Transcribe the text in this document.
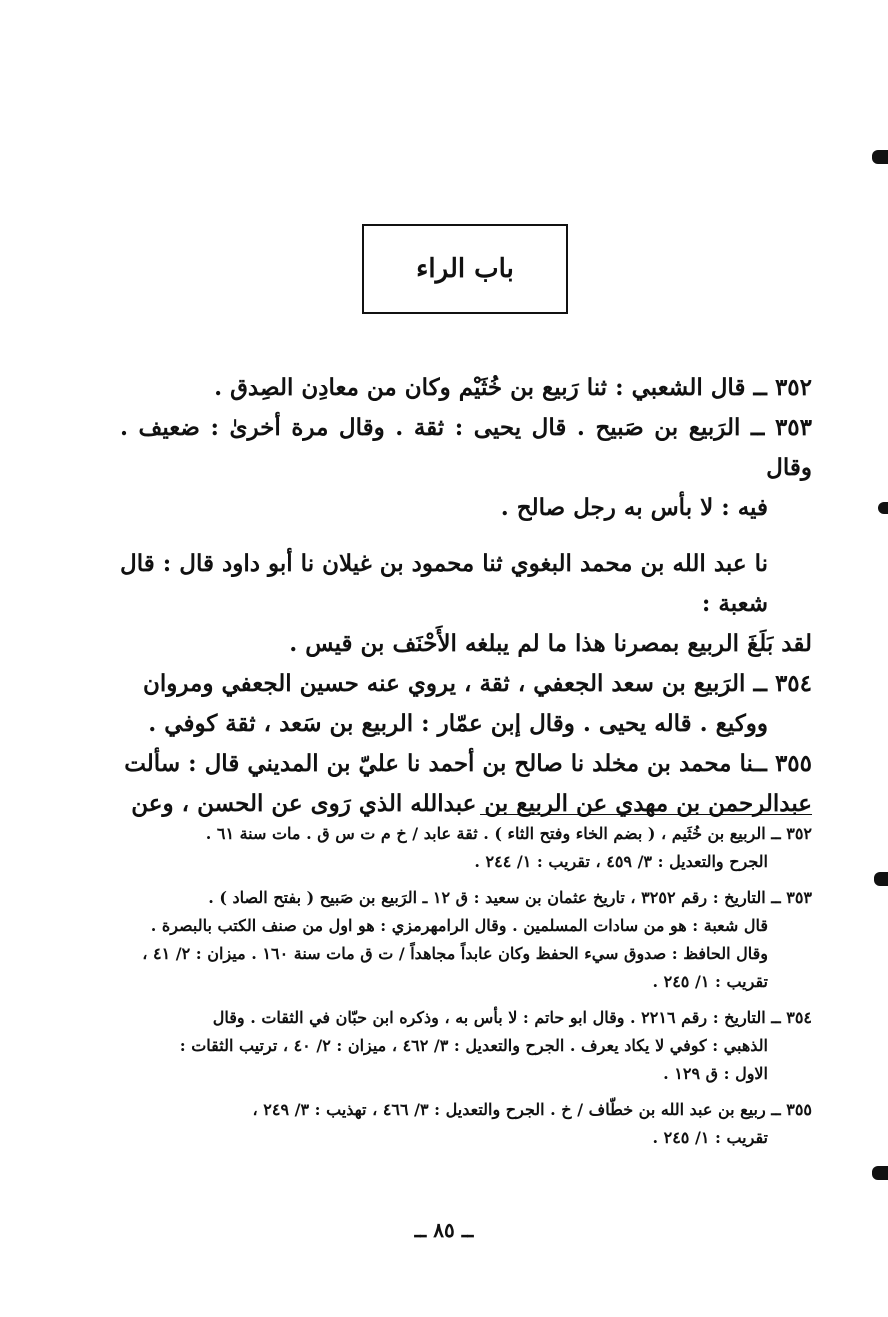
باب الراء

٣٥٢ ــ قال الشعبي : ثنا رَبيع بن خُثَيْم وكان من معادِن الصِدق .

٣٥٣ ــ الرَبيع بن صَبيح . قال يحيى : ثقة . وقال مرة أخرىٰ : ضعيف . وقال

فيه : لا بأس به رجل صالح .

نا عبد الله بن محمد البغوي ثنا محمود بن غيلان نا أبو داود قال : قال شعبة :

لقد بَلَغَ الربيع بمصرنا هذا ما لم يبلغه الأَحْنَف بن قيس .

٣٥٤ ــ الرَبيع بن سعد الجعفي ، ثقة ، يروي عنه حسين الجعفي ومروان

ووكيع . قاله يحيى . وقال إبن عمّار : الربيع بن سَعد ، ثقة كوفي .

٣٥٥ ــنا محمد بن مخلد نا صالح بن أحمد نا عليّ بن المديني قال : سألت

عبدالرحمن بن مهدي عن الربيع بن عبدالله الذي رَوى عن الحسن ، وعن

٣٥٢ ــ الربيع بن خُثَيم ، ( بضم الخاء وفتح الثاء ) . ثقة عابد / خ م ت س ق . مات سنة ٦١ .

الجرح والتعديل : ٣/ ٤٥٩ ، تقريب : ١/ ٢٤٤ .

٣٥٣ ــ التاريخ : رقم ٣٢٥٢ ، تاريخ عثمان بن سعيد : ق ١٢ ـ الرَبيع بن صَبيح ( بفتح الصاد ) .

قال شعبة : هو من سادات المسلمين . وقال الرامهرمزي : هو اول من صنف الكتب بالبصرة .

وقال الحافظ : صدوق سيء الحفظ وكان عابداً مجاهداً / ت ق مات سنة ١٦٠ . ميزان : ٢/ ٤١ ،

تقريب : ١/ ٢٤٥ .

٣٥٤ ــ التاريخ : رقم ٢٢١٦ . وقال ابو حاتم : لا بأس به ، وذكره ابن حبّان في الثقات . وقال

الذهبي : كوفي لا يكاد يعرف . الجرح والتعديل : ٣/ ٤٦٢ ، ميزان : ٢/ ٤٠ ، ترتيب الثقات :

الاول : ق ١٢٩ .

٣٥٥ ــ ربيع بن عبد الله بن خطّاف / خ . الجرح والتعديل : ٣/ ٤٦٦ ، تهذيب : ٣/ ٢٤٩ ،

تقريب : ١/ ٢٤٥ .

ــ ٨٥ ــ
